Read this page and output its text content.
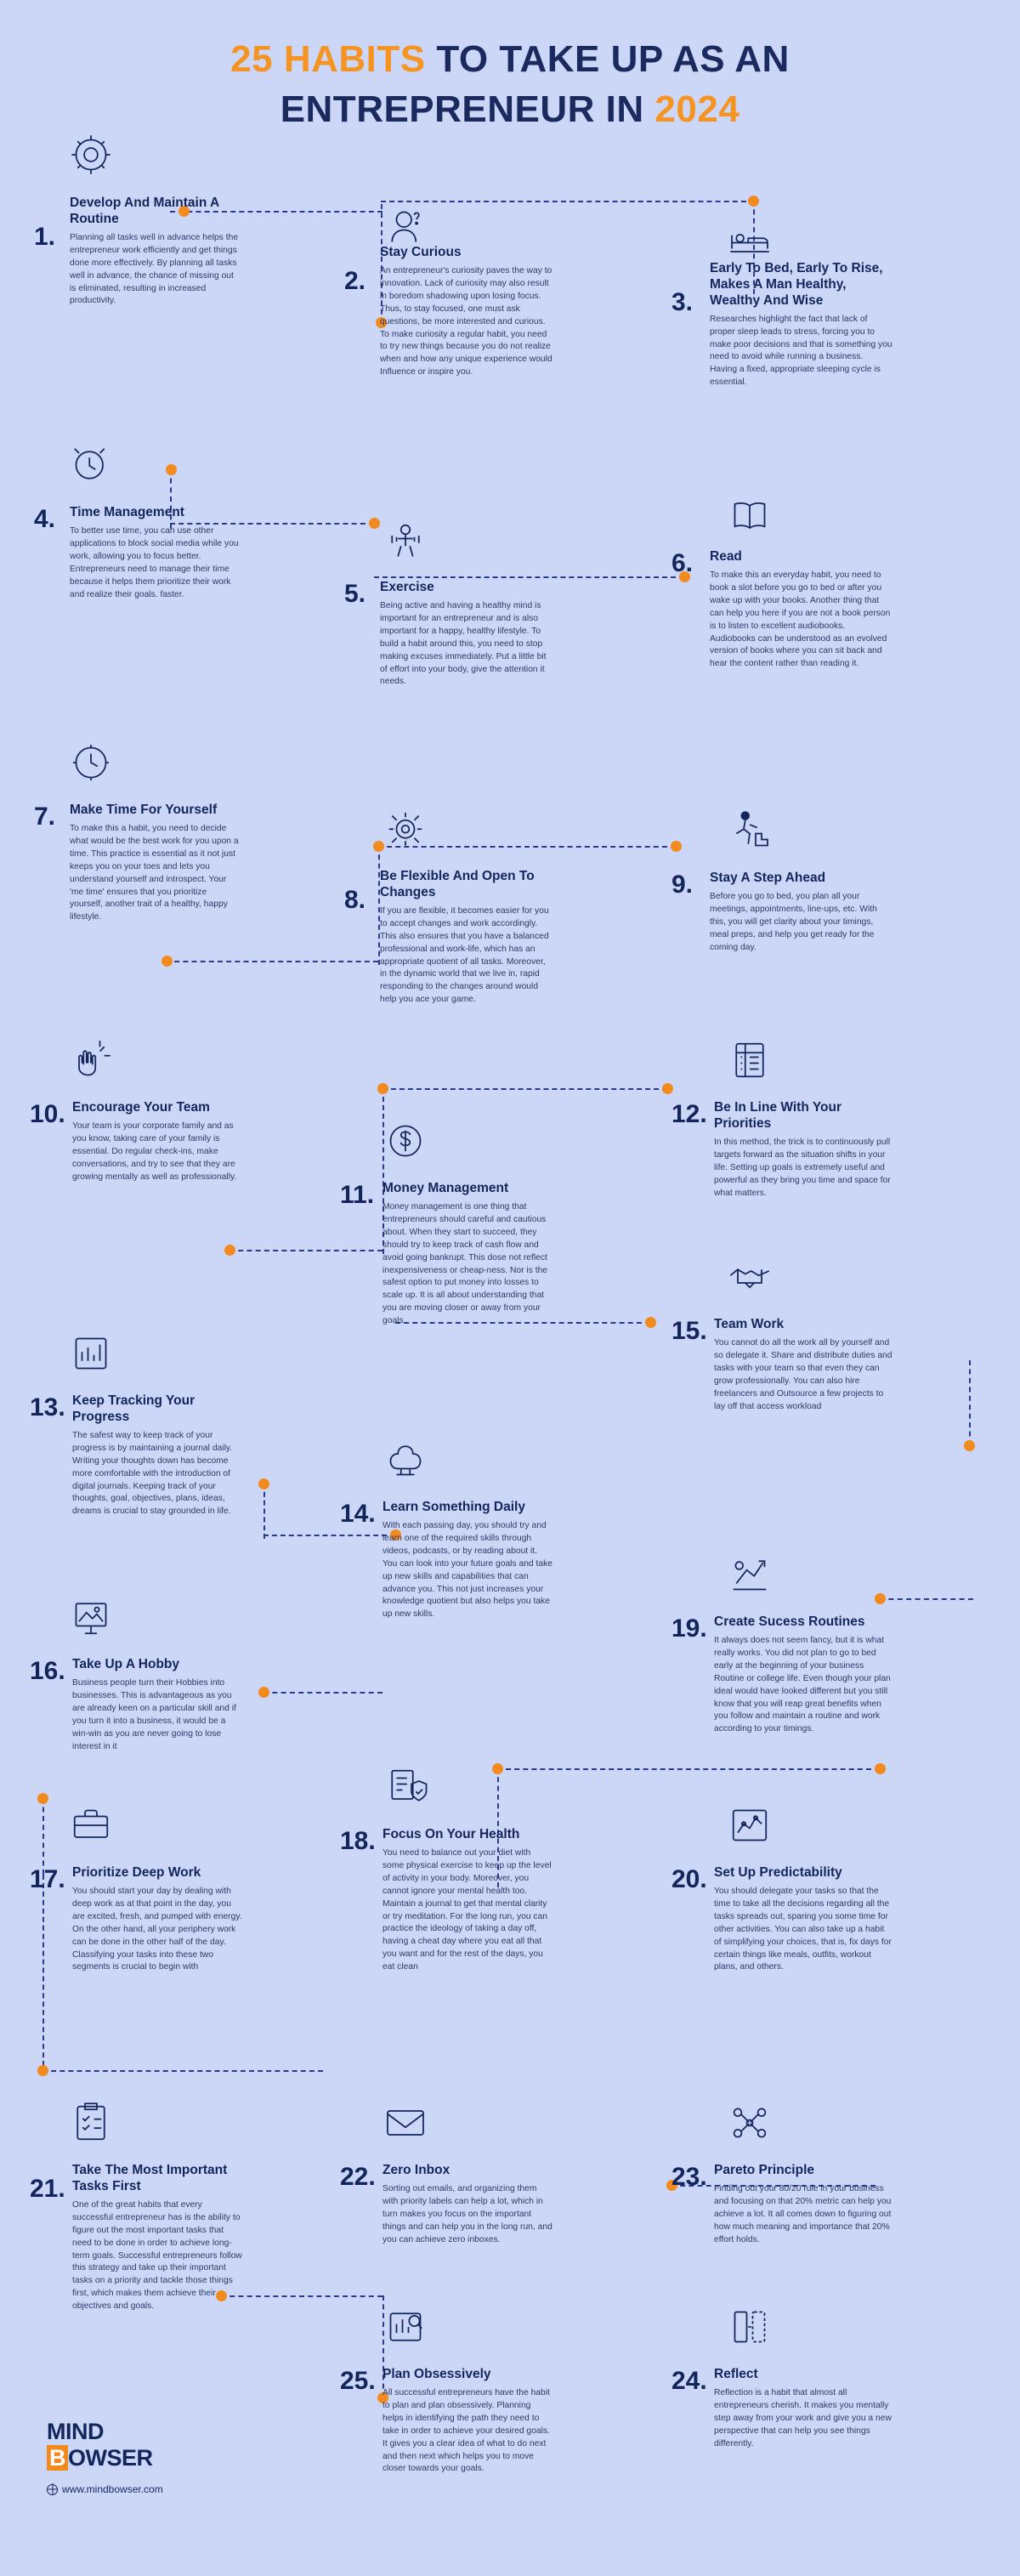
25 HABITS TO TAKE UP AS AN
ENTREPRENEUR IN 2024
1.
Develop And Maintain A Routine
Planning all tasks well in advance helps the entrepreneur work efficiently and get things done more effectively. By planning all tasks well in advance, the chance of missing out is eliminated, resulting in increased productivity.
2.
Stay Curious
An entrepreneur's curiosity paves the way to innovation. Lack of curiosity may also result in boredom shadowing upon losing focus. Thus, to stay focused, one must ask questions, be more interested and curious. To make curiosity a regular habit, you need to try new things because you do not realize when and how any unique experience would Influence or inspire you.
3.
Early To Bed, Early To Rise, Makes A Man Healthy, Wealthy And Wise
Researches highlight the fact that lack of proper sleep leads to stress, forcing you to make poor decisions and that is something you need to avoid while running a business. Having a fixed, appropriate sleeping cycle is essential.
4. Time Management
To better use time, you can use other applications to block social media while you work, allowing you to focus better. Entrepreneurs need to manage their time because it helps them prioritize their work and realize their goals. faster.	5. Exercise
Being active and having a healthy mind is important for an entrepreneur and is also important for a happy, healthy lifestyle. To build a habit around this, you need to stop making excuses immediately. Put a little bit of effort into your body, give the attention it needs.
6. Read
To make this an everyday habit, you need to book a slot before you go to bed or after you wake up with your books. Another thing that can help you here if you are not a book person is to listen to excellent audiobooks. Audiobooks can be understood as an evolved version of books where you can sit back and hear the content rather than reading it.
7. Make Time For Yourself
To make this a habit, you need to decide what would be the best work for you upon a time. This practice is essential as it not just keeps you on your toes and lets you understand yourself and introspect. Your 'me time' ensures that you prioritize yourself, another trait of a healthy, happy lifestyle.
8.
Be Flexible And Open To Changes
If you are flexible, it becomes easier for you to accept changes and work accordingly. This also ensures that you have a balanced professional and work-life, which has an appropriate quotient of all tasks. Moreover, in the dynamic world that we live in, rapid responding to the changes around would help you ace your game.
9. Stay A Step Ahead
Before you go to bed, you plan all your meetings, appointments, line-ups, etc. With this, you will get clarity about your timings, meal preps, and help you get ready for the coming day.
10. Encourage Your Team
Your team is your corporate family and as you know, taking care of your family is essential. Do regular check-ins, make conversations, and try to see that they are growing mentally as well as professionally.
11. Money Management
Money management is one thing that entrepreneurs should careful and cautious about. When they start to succeed, they should try to keep track of cash flow and avoid going bankrupt. This dose not reflect inexpensiveness or cheap-ness. Nor is the safest option to put money into losses to scale up. It is all about understanding that you are moving closer or away from your goals.
12. Be In Line With Your Priorities
In this method, the trick is to continuously pull targets forward as the situation shifts in your life. Setting up goals is extremely useful and powerful as they bring you time and space for what matters.
13. Keep Tracking Your Progress
The safest way to keep track of your progress is by maintaining a journal daily. Writing your thoughts down has become more comfortable with the introduction of digital journals. Keeping track of your thoughts, goal, objectives, plans, ideas, dreams is crucial to stay grounded in life.	14. Learn Something Daily
With each passing day, you should try and learn one of the required skills through videos, podcasts, or by reading about it. You can look into your future goals and take up new skills and capabilities that can advance you. This not just increases your knowledge quotient but also helps you take up new skills.
15. Team Work
You cannot do all the work all by yourself and so delegate it. Share and distribute duties and tasks with your team so that even they can grow professionally. You can also hire freelancers and Outsource a few projects to lay off that access workload
16. Take Up A Hobby
Business people turn their Hobbies into businesses. This is advantageous as you are already keen on a particular skill and if you turn it into a business, it would be a win-win as you are never going to lose interest in it
17. Prioritize Deep Work
You should start your day by dealing with deep work as at that point in the day, you are excited, fresh, and pumped with energy. On the other hand, all your periphery work can be done in the other half of the day. Classifying your tasks into these two segments is crucial to begin with
18. Focus On Your Health
You need to balance out your diet with some physical exercise to keep up the level of activity in your body. Moreover, you cannot ignore your mental health too. Maintain a journal to get that mental clarity or try meditation. For the long run, you can practice the ideology of taking a day off, having a cheat day where you eat all that you want and for the rest of the days, you eat clean
19. Create Sucess Routines
It always does not seem fancy, but it is what really works. You did not plan to go to bed early at the beginning of your business Routine or college life. Even though your plan ideal would have looked different but you still know that you will reap great benefits when you follow and maintain a routine and work according to your timings.
20. Set Up Predictability
You should delegate your tasks so that the time to take all the decisions regarding all the tasks spreads out, sparing you some time for other activities. You can also take up a habit of simplifying your choices, that is, fix days for certain things like meals, outfits, workout plans, and others.
21.
Take The Most Important Tasks First
One of the great habits that every successful entrepreneur has is the ability to figure out the most important tasks that need to be done in order to achieve long-term goals. Successful entrepreneurs follow this strategy and take up their important tasks on a priority and tackle those things first, which makes them achieve their objectives and goals.
22. Zero Inbox
Sorting out emails, and organizing them with priority labels can help a lot, which in turn makes you focus on the important things and can help you in the long run, and you can achieve zero inboxes.
23. Pareto Principle
Finding out your 80/20 rule in your business and focusing on that 20% metric can help you achieve a lot. It all comes down to figuring out how much meaning and importance that 20% effort holds.
24. Reflect
Reflection is a habit that almost all entrepreneurs cherish. It makes you mentally step away from your work and give you a new perspective that can help you see things differently.
25. Plan Obsessively
All successful entrepreneurs have the habit to plan and plan obsessively. Planning helps in identifying the path they need to take in order to achieve your desired goals. It gives you a clear idea of what to do next and then next which helps you to move closer towards your goals.
MIND
B OWSER
www.mindbowser.com
